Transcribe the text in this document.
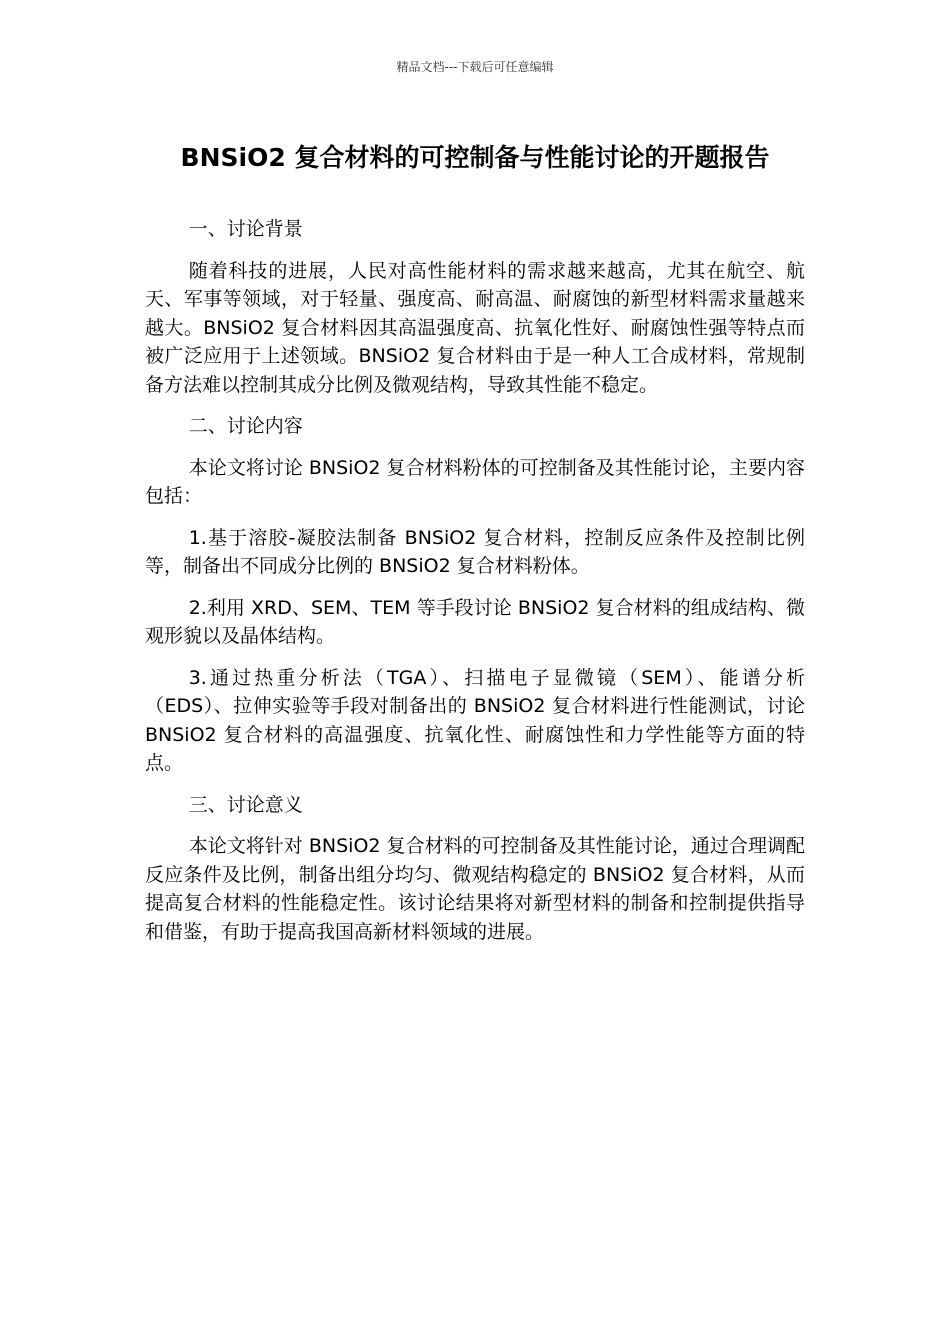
精品文档---下载后可任意编辑
BNSiO2 复合材料的可控制备与性能讨论的开题报告

一、讨论背景

随着科技的进展，人民对高性能材料的需求越来越高，尤其在航空、航天、军事等领域，对于轻量、强度高、耐高温、耐腐蚀的新型材料需求量越来越大。BNSiO2 复合材料因其高温强度高、抗氧化性好、耐腐蚀性强等特点而被广泛应用于上述领域。BNSiO2 复合材料由于是一种人工合成材料，常规制备方法难以控制其成分比例及微观结构，导致其性能不稳定。

二、讨论内容

本论文将讨论 BNSiO2 复合材料粉体的可控制备及其性能讨论，主要内容包括：

1.基于溶胶-凝胶法制备 BNSiO2 复合材料，控制反应条件及控制比例等，制备出不同成分比例的 BNSiO2 复合材料粉体。

2.利用 XRD、SEM、TEM 等手段讨论 BNSiO2 复合材料的组成结构、微观形貌以及晶体结构。

3.通过热重分析法（TGA）、扫描电子显微镜（SEM）、能谱分析（EDS）、拉伸实验等手段对制备出的 BNSiO2 复合材料进行性能测试，讨论 BNSiO2 复合材料的高温强度、抗氧化性、耐腐蚀性和力学性能等方面的特点。

三、讨论意义

本论文将针对 BNSiO2 复合材料的可控制备及其性能讨论，通过合理调配反应条件及比例，制备出组分均匀、微观结构稳定的 BNSiO2 复合材料，从而提高复合材料的性能稳定性。该讨论结果将对新型材料的制备和控制提供指导和借鉴，有助于提高我国高新材料领域的进展。
